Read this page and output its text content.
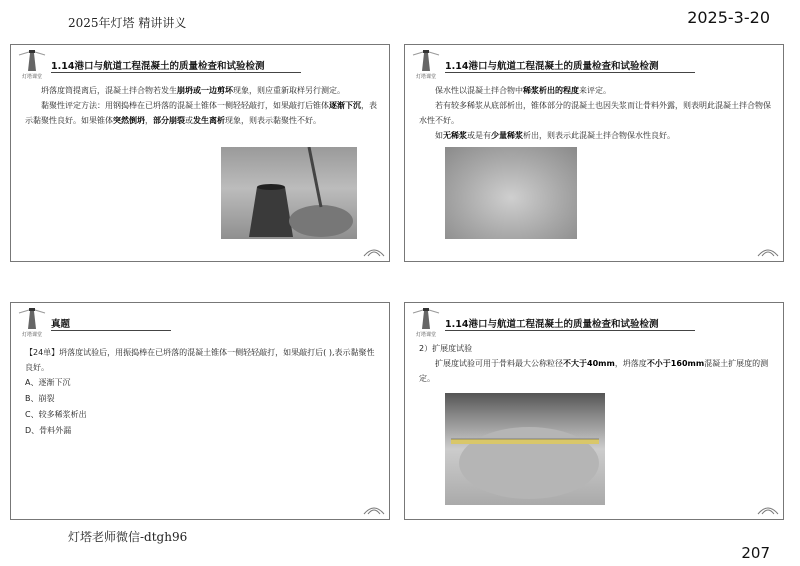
2025年灯塔 精讲讲义	2025-3-20
灯塔课堂
1.14港口与航道工程混凝土的质量检查和试验检测

坍落度筒提离后，混凝土拌合物若发生崩坍或一边剪坏现象，则应重新取样另行测定。

黏聚性评定方法：用钢捣棒在已坍落的混凝土锥体一侧轻轻敲打，如果敲打后锥体逐渐下沉，表示黏聚性良好。如果锥体突然倒坍，部分崩裂或发生离析现象，则表示黏聚性不好。

灯塔课堂
1.14港口与航道工程混凝土的质量检查和试验检测

保水性以混凝土拌合物中稀浆析出的程度来评定。

若有较多稀浆从底部析出，锥体部分的混凝土也因失浆而让骨料外露，则表明此混凝土拌合物保水性不好。

如无稀浆或是有少量稀浆析出，则表示此混凝土拌合物保水性良好。

灯塔课堂
真题

【24单】坍落度试验后，用振捣棒在已坍落的混凝土锥体一侧轻轻敲打，如果敲打后( ),表示黏聚性良好。

A、逐渐下沉

B、崩裂

C、较多稀浆析出

D、骨料外漏

灯塔课堂
1.14港口与航道工程混凝土的质量检查和试验检测

2）扩展度试验

扩展度试验可用于骨料最大公称粒径不大于40mm，坍落度不小于160mm混凝土扩展度的测定。

灯塔老师微信-dtgh96
207
